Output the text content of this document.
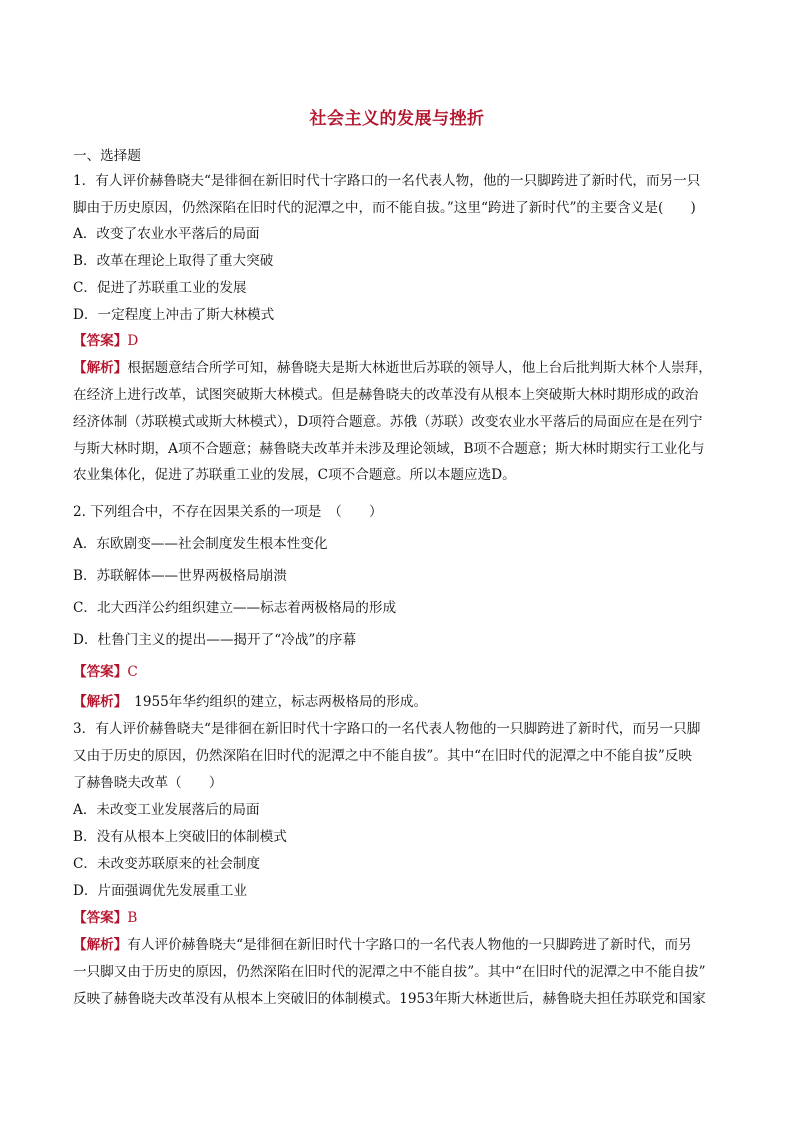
社会主义的发展与挫折
一、选择题
1．有人评价赫鲁晓夫“是徘徊在新旧时代十字路口的一名代表人物，他的一只脚跨进了新时代，而另一只
脚由于历史原因，仍然深陷在旧时代的泥潭之中，而不能自拔。”这里“跨进了新时代”的主要含义是(　　)
A．改变了农业水平落后的局面
B．改革在理论上取得了重大突破
C．促进了苏联重工业的发展
D．一定程度上冲击了斯大林模式
【答案】D
【解析】根据题意结合所学可知，赫鲁晓夫是斯大林逝世后苏联的领导人，他上台后批判斯大林个人崇拜，
在经济上进行改革，试图突破斯大林模式。但是赫鲁晓夫的改革没有从根本上突破斯大林时期形成的政治
经济体制（苏联模式或斯大林模式），D项符合题意。苏俄（苏联）改变农业水平落后的局面应在是在列宁
与斯大林时期，A项不合题意；赫鲁晓夫改革并未涉及理论领域，B项不合题意；斯大林时期实行工业化与
农业集体化，促进了苏联重工业的发展，C项不合题意。所以本题应选D。
2. 下列组合中，不存在因果关系的一项是　（　　）
A．东欧剧变——社会制度发生根本性变化
B．苏联解体——世界两极格局崩溃
C．北大西洋公约组织建立——标志着两极格局的形成
D．杜鲁门主义的提出——揭开了“冷战”的序幕
【答案】C
【解析】　1955年华约组织的建立，标志两极格局的形成。
3．有人评价赫鲁晓夫“是徘徊在新旧时代十字路口的一名代表人物他的一只脚跨进了新时代，而另一只脚
又由于历史的原因，仍然深陷在旧时代的泥潭之中不能自拔”。其中“在旧时代的泥潭之中不能自拔”反映
了赫鲁晓夫改革（　　）
A．未改变工业发展落后的局面
B．没有从根本上突破旧的体制模式
C．未改变苏联原来的社会制度
D．片面强调优先发展重工业
【答案】B
【解析】有人评价赫鲁晓夫“是徘徊在新旧时代十字路口的一名代表人物他的一只脚跨进了新时代，而另
一只脚又由于历史的原因，仍然深陷在旧时代的泥潭之中不能自拔”。其中“在旧时代的泥潭之中不能自拔”
反映了赫鲁晓夫改革没有从根本上突破旧的体制模式。1953年斯大林逝世后，赫鲁晓夫担任苏联党和国家
